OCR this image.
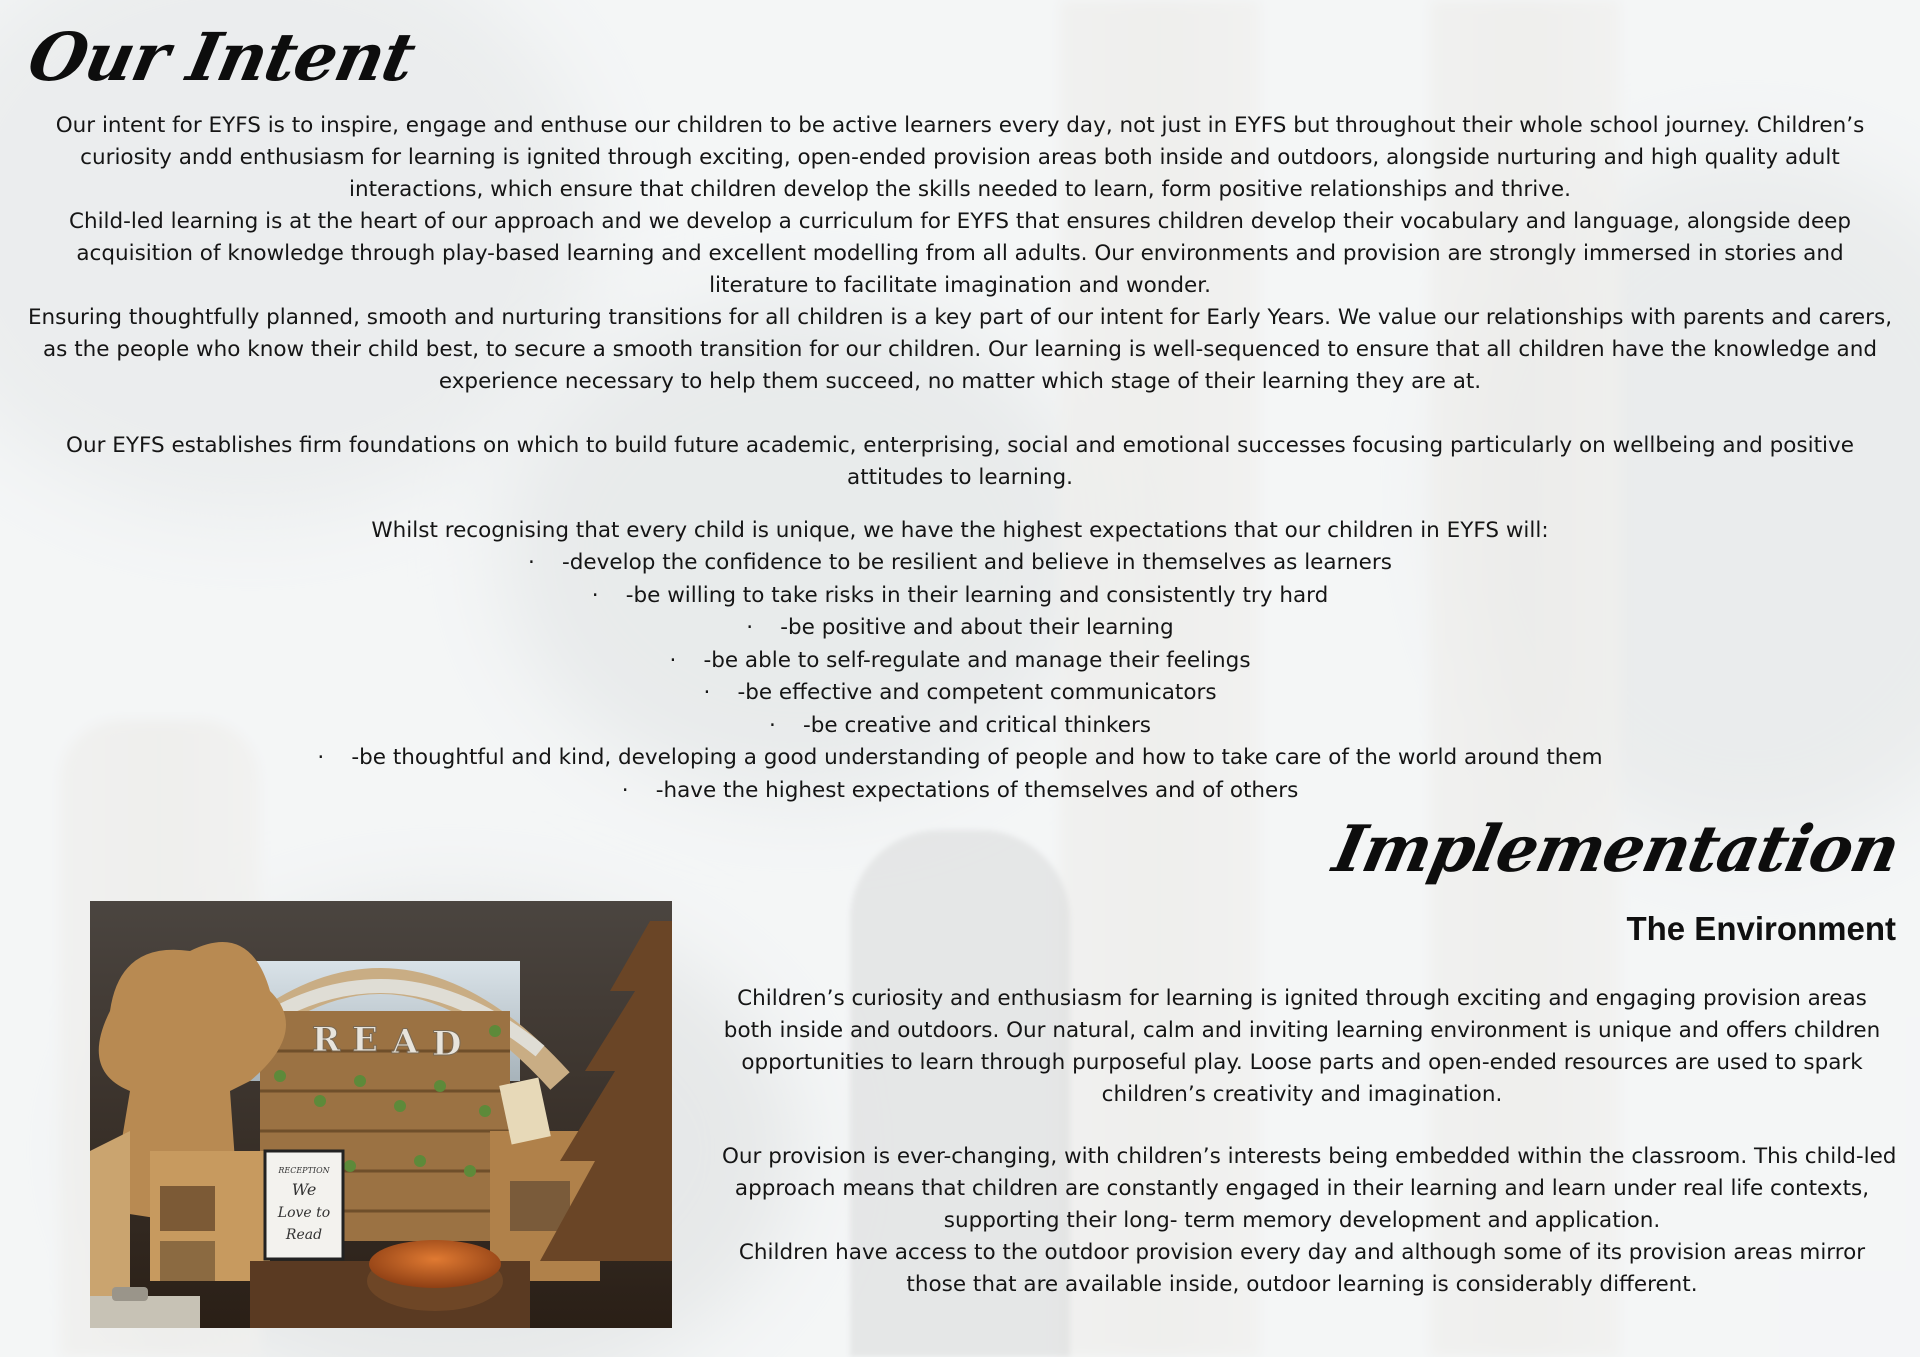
Our Intent

Our intent for EYFS is to inspire, engage and enthuse our children to be active learners every day, not just in EYFS but throughout their whole school journey. Children’s
curiosity andd enthusiasm for learning is ignited through exciting, open-ended provision areas both inside and outdoors, alongside nurturing and high quality adult
interactions, which ensure that children develop the skills needed to learn, form positive relationships and thrive.

Child-led learning is at the heart of our approach and we develop a curriculum for EYFS that ensures children develop their vocabulary and language, alongside deep
acquisition of knowledge through play-based learning and excellent modelling from all adults. Our environments and provision are strongly immersed in stories and
literature to facilitate imagination and wonder.

Ensuring thoughtfully planned, smooth and nurturing transitions for all children is a key part of our intent for Early Years. We value our relationships with parents and carers,
as the people who know their child best, to secure a smooth transition for our children. Our learning is well-sequenced to ensure that all children have the knowledge and
experience necessary to help them succeed, no matter which stage of their learning they are at.

Our EYFS establishes firm foundations on which to build future academic, enterprising, social and emotional successes focusing particularly on wellbeing and positive
attitudes to learning.

Whilst recognising that every child is unique, we have the highest expectations that our children in EYFS will:

· -develop the confidence to be resilient and believe in themselves as learners
· -be willing to take risks in their learning and consistently try hard
· -be positive and about their learning
· -be able to self-regulate and manage their feelings
· -be effective and competent communicators
· -be creative and critical thinkers
· -be thoughtful and kind, developing a good understanding of people and how to take care of the world around them
· -have the highest expectations of themselves and of others
Implementation
The Environment
R E A D
RECEPTION
We
Love to
Read

Children’s curiosity and enthusiasm for learning is ignited through exciting and engaging provision areas
both inside and outdoors. Our natural, calm and inviting learning environment is unique and offers children
opportunities to learn through purposeful play. Loose parts and open-ended resources are used to spark
children’s creativity and imagination.

Our provision is ever-changing, with children’s interests being embedded within the classroom. This child-led
approach means that children are constantly engaged in their learning and learn under real life contexts,
supporting their long- term memory development and application.
Children have access to the outdoor provision every day and although some of its provision areas mirror
those that are available inside, outdoor learning is considerably different.
